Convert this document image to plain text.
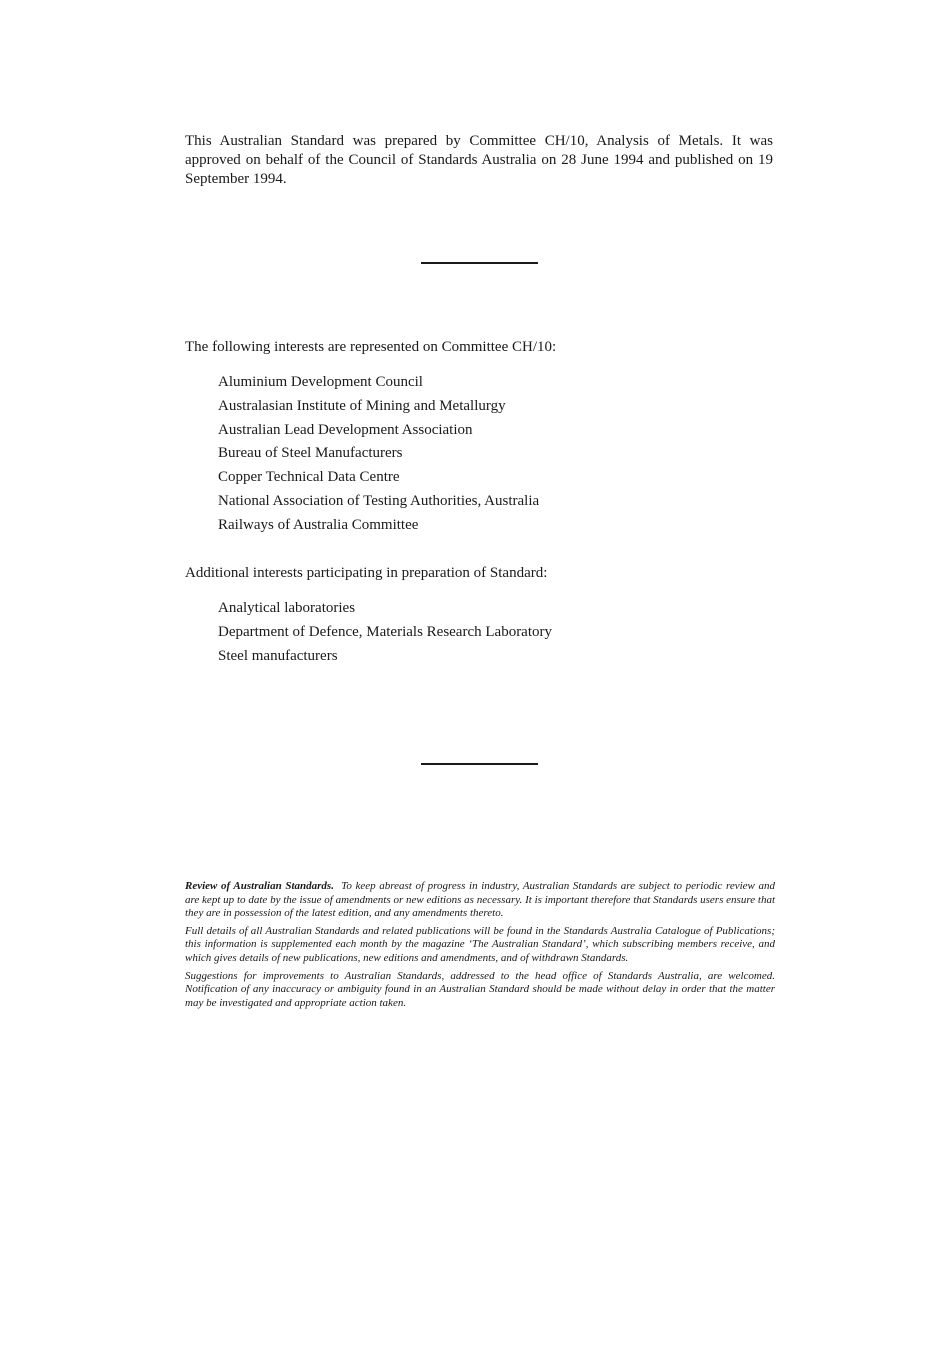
This Australian Standard was prepared by Committee CH/10, Analysis of Metals. It was approved on behalf of the Council of Standards Australia on 28 June 1994 and published on 19 September 1994.

The following interests are represented on Committee CH/10:

Aluminium Development Council
Australasian Institute of Mining and Metallurgy
Australian Lead Development Association
Bureau of Steel Manufacturers
Copper Technical Data Centre
National Association of Testing Authorities, Australia
Railways of Australia Committee

Additional interests participating in preparation of Standard:

Analytical laboratories
Department of Defence, Materials Research Laboratory
Steel manufacturers

Review of Australian Standards. To keep abreast of progress in industry, Australian Standards are subject to periodic review and are kept up to date by the issue of amendments or new editions as necessary. It is important therefore that Standards users ensure that they are in possession of the latest edition, and any amendments thereto.

Full details of all Australian Standards and related publications will be found in the Standards Australia Catalogue of Publications; this information is supplemented each month by the magazine ‘The Australian Standard’, which subscribing members receive, and which gives details of new publications, new editions and amendments, and of withdrawn Standards.

Suggestions for improvements to Australian Standards, addressed to the head office of Standards Australia, are welcomed. Notification of any inaccuracy or ambiguity found in an Australian Standard should be made without delay in order that the matter may be investigated and appropriate action taken.
